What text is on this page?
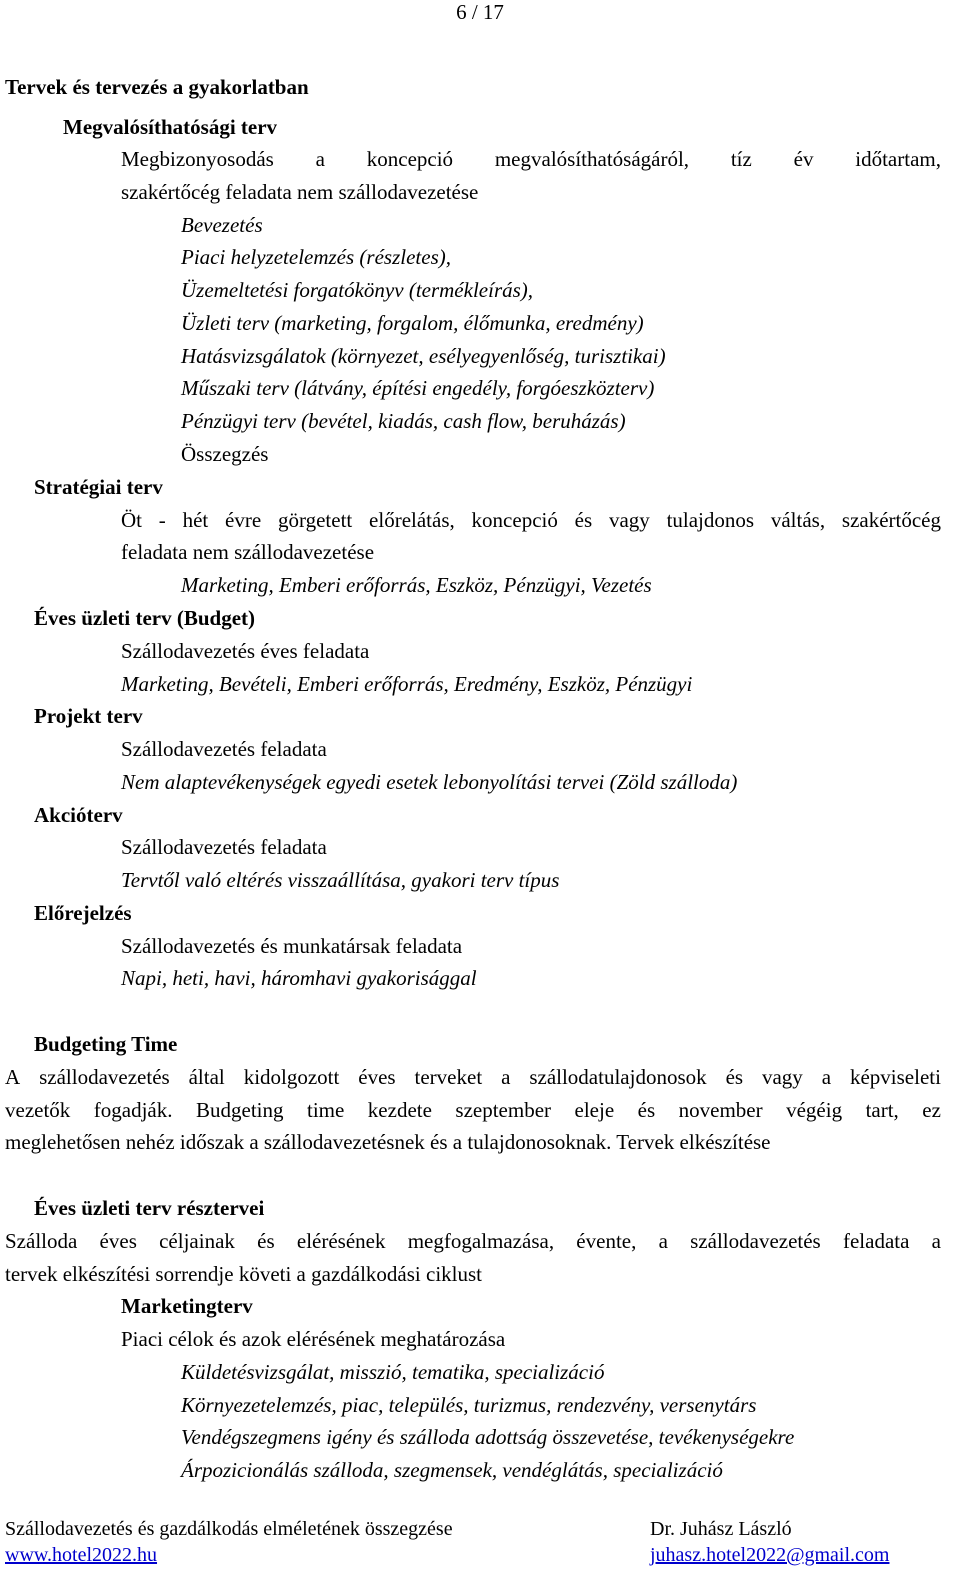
6 / 17
Tervek és tervezés a gyakorlatban
Megvalósíthatósági terv
Megbizonyosodás a koncepció megvalósíthatóságáról, tíz év időtartam,
szakértőcég feladata nem szállodavezetése
Bevezetés
Piaci helyzetelemzés (részletes),
Üzemeltetési forgatókönyv (termékleírás),
Üzleti terv (marketing, forgalom, élőmunka, eredmény)
Hatásvizsgálatok (környezet, esélyegyenlőség, turisztikai)
Műszaki terv (látvány, építési engedély, forgóeszközterv)
Pénzügyi terv (bevétel, kiadás, cash flow, beruházás)
Összegzés
Stratégiai terv
Öt - hét évre görgetett előrelátás, koncepció és vagy tulajdonos váltás, szakértőcég
feladata nem szállodavezetése
Marketing, Emberi erőforrás, Eszköz, Pénzügyi, Vezetés
Éves üzleti terv (Budget)
Szállodavezetés éves feladata
Marketing, Bevételi, Emberi erőforrás, Eredmény, Eszköz, Pénzügyi
Projekt terv
Szállodavezetés feladata
Nem alaptevékenységek egyedi esetek lebonyolítási tervei (Zöld szálloda)
Akcióterv
Szállodavezetés feladata
Tervtől való eltérés visszaállítása, gyakori terv típus
Előrejelzés
Szállodavezetés és munkatársak feladata
Napi, heti, havi, háromhavi gyakorisággal
Budgeting Time
A szállodavezetés által kidolgozott éves terveket a szállodatulajdonosok és vagy a képviseleti
vezetők fogadják. Budgeting time kezdete szeptember eleje és november végéig tart, ez
meglehetősen nehéz időszak a szállodavezetésnek és a tulajdonosoknak. Tervek elkészítése
Éves üzleti terv résztervei
Szálloda éves céljainak és elérésének megfogalmazása, évente, a szállodavezetés feladata a
tervek elkészítési sorrendje követi a gazdálkodási ciklust
Marketingterv
Piaci célok és azok elérésének meghatározása
Küldetésvizsgálat, misszió, tematika, specializáció
Környezetelemzés, piac, település, turizmus, rendezvény, versenytárs
Vendégszegmens igény és szálloda adottság összevetése, tevékenységekre
Árpozicionálás szálloda, szegmensek, vendéglátás, specializáció
Szállodavezetés és gazdálkodás elméletének összegzése
www.hotel2022.hu
Dr. Juhász László
juhasz.hotel2022@gmail.com
